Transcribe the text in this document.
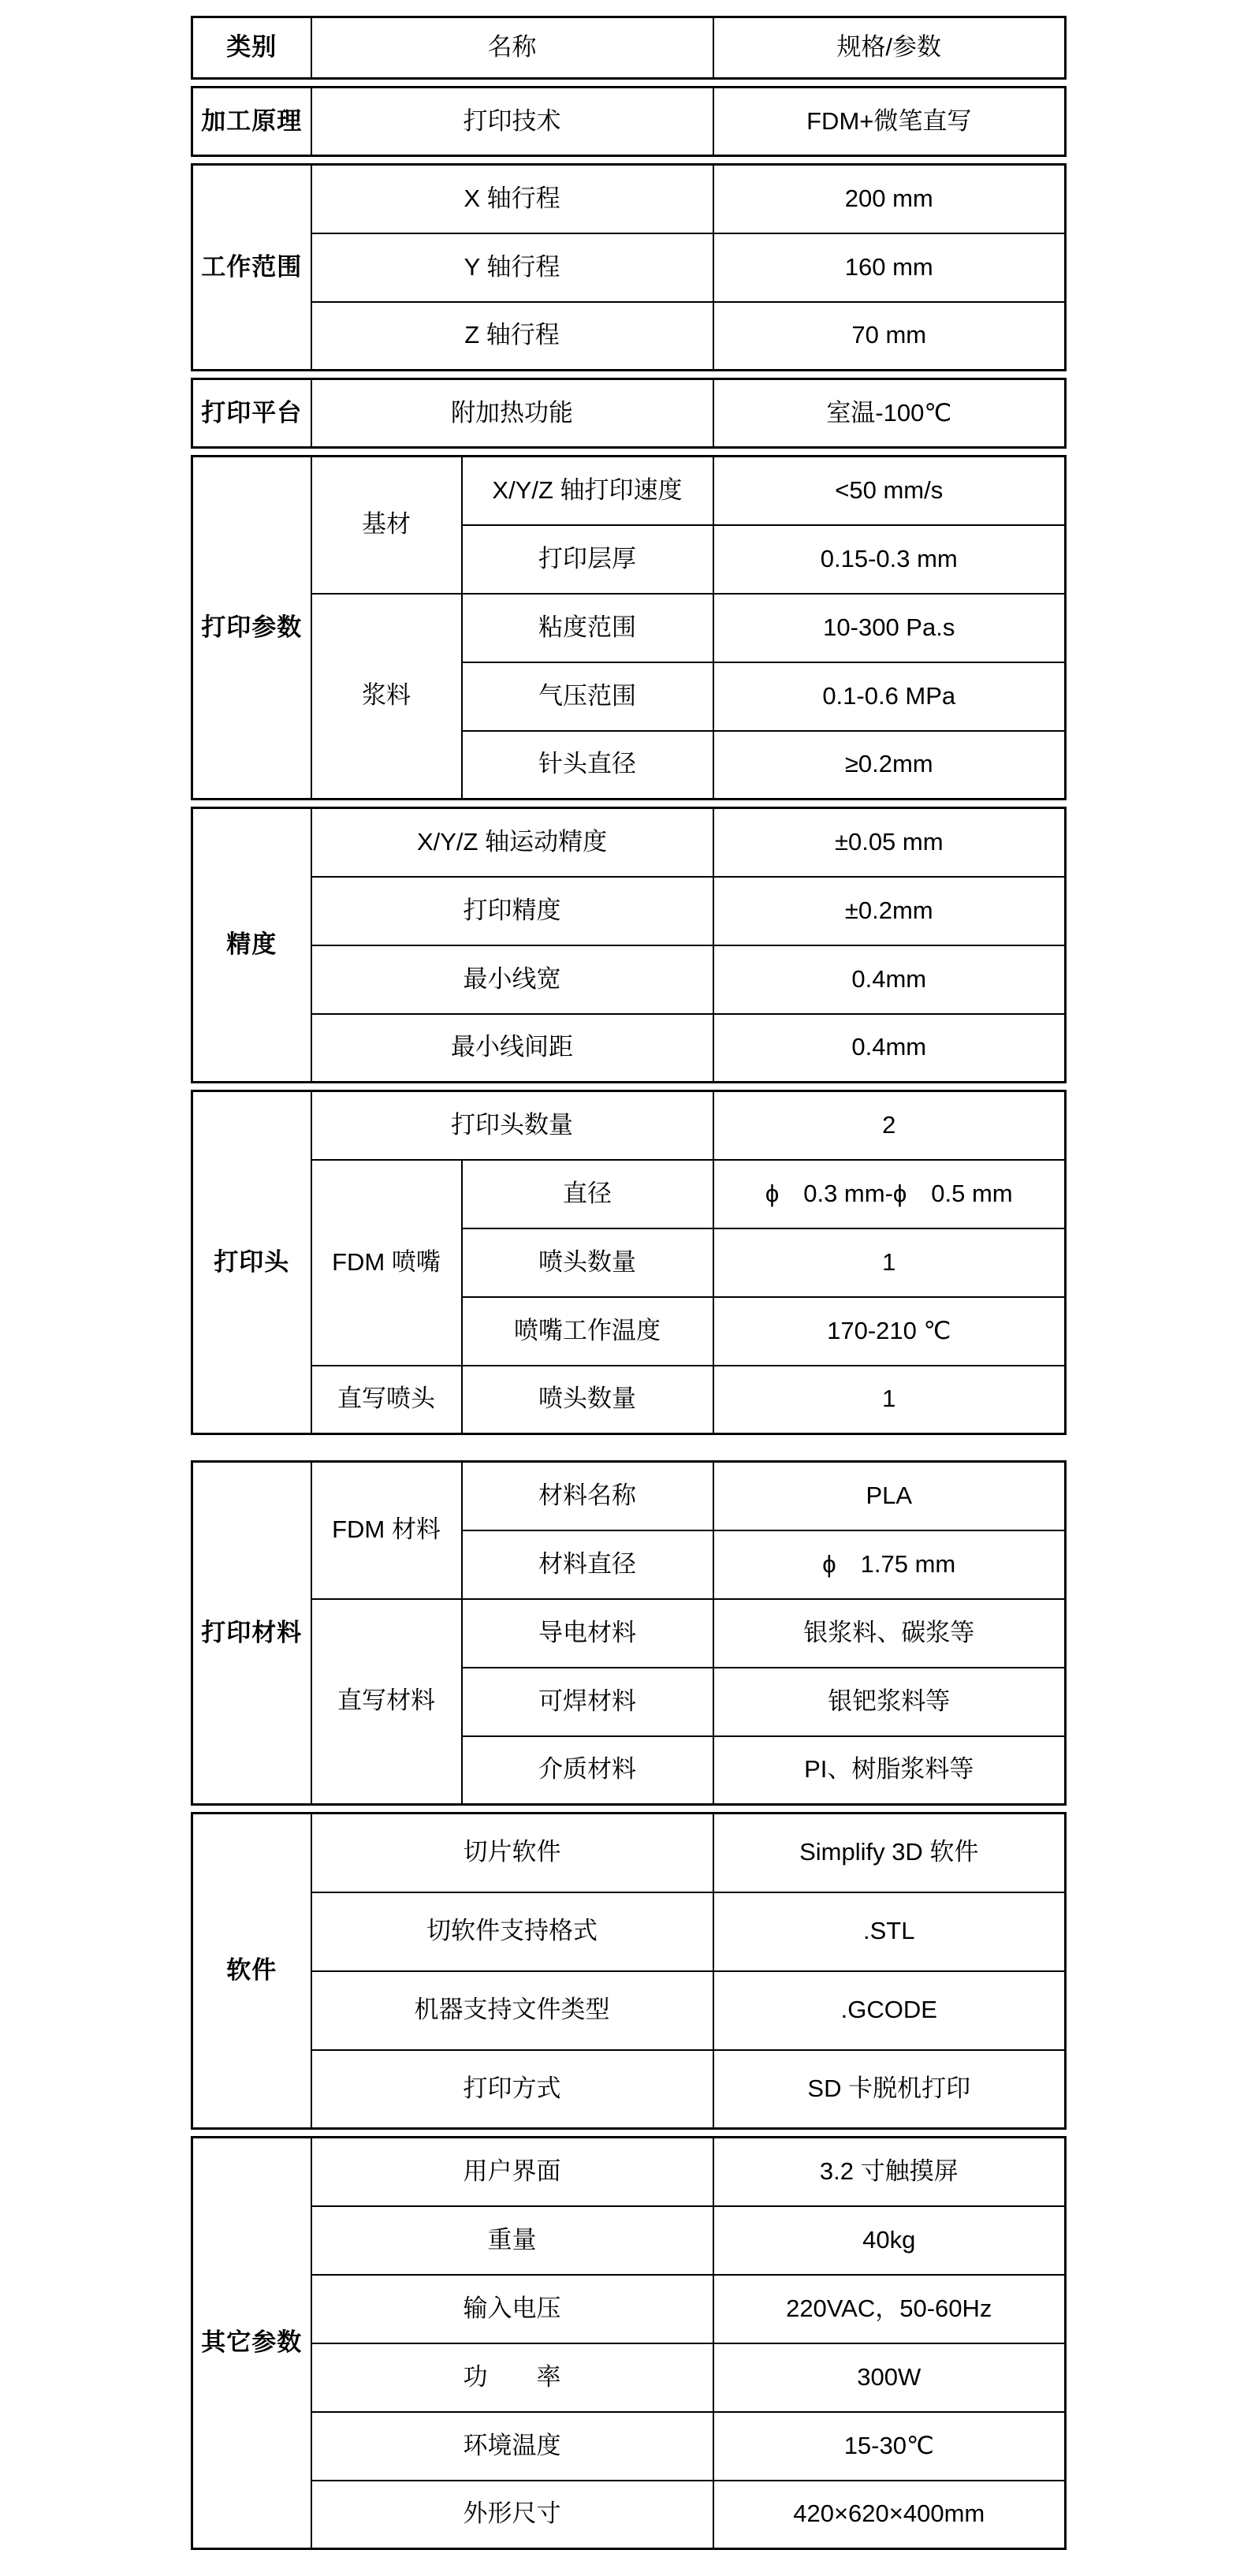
类别	名称	规格/参数
加工原理	打印技术	FDM+微笔直写
工作范围	X 轴行程	200 mm
	Y 轴行程	160 mm
	Z 轴行程	70 mm
打印平台	附加热功能	室温-100℃
打印参数	基材	X/Y/Z 轴打印速度	<50 mm/s
		打印层厚	0.15-0.3 mm
	浆料	粘度范围	10-300 Pa.s
		气压范围	0.1-0.6 MPa
		针头直径	≥0.2mm
精度	X/Y/Z 轴运动精度	±0.05 mm
	打印精度	±0.2mm
	最小线宽	0.4mm
	最小线间距	0.4mm
打印头	打印头数量		2
	FDM 喷嘴	直径	ϕ　0.3 mm-ϕ　0.5 mm
		喷头数量	1
		喷嘴工作温度	170-210 ℃
	直写喷头	喷头数量	1
打印材料	FDM 材料	材料名称	PLA
		材料直径	ϕ　1.75 mm
	直写材料	导电材料	银浆料、碳浆等
		可焊材料	银钯浆料等
		介质材料	PI、树脂浆料等
软件	切片软件	Simplify 3D 软件
	切软件支持格式	.STL
	机器支持文件类型	.GCODE
	打印方式	SD 卡脱机打印
其它参数	用户界面	3.2 寸触摸屏
	重量	40kg
	输入电压	220VAC，50-60Hz
	功　　率	300W
	环境温度	15-30℃
	外形尺寸	420×620×400mm
